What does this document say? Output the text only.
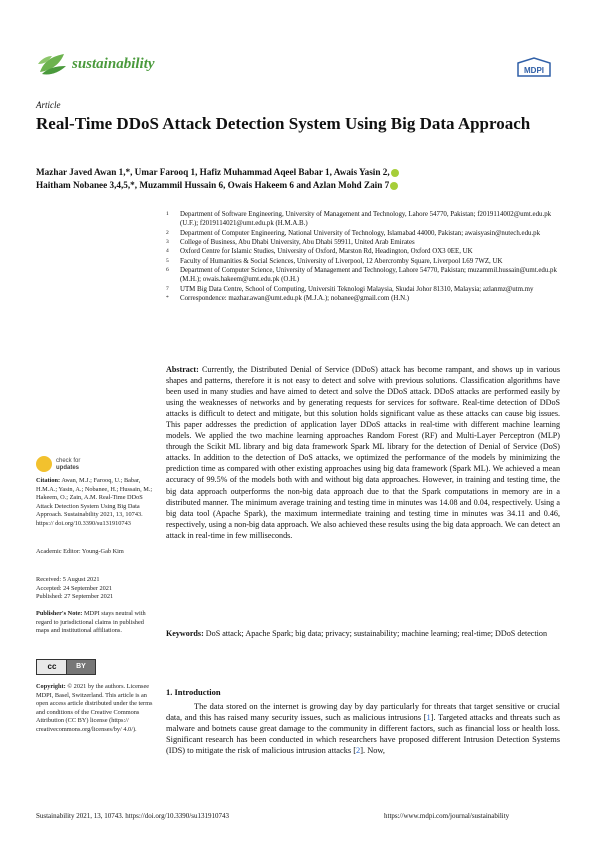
sustainability	MDPI
Article
Real-Time DDoS Attack Detection System Using Big Data Approach
Mazhar Javed Awan 1,*, Umar Farooq 1, Hafiz Muhammad Aqeel Babar 1, Awais Yasin 2,
Haitham Nobanee 3,4,5,*, Muzammil Hussain 6, Owais Hakeem 6 and Azlan Mohd Zain 7
1 Department of Software Engineering, University of Management and Technology, Lahore 54770, Pakistan; f2019114002@umt.edu.pk (U.F.); f2019114021@umt.edu.pk (H.M.A.B.)
2 Department of Computer Engineering, National University of Technology, Islamabad 44000, Pakistan; awaisyasin@nutech.edu.pk
3 College of Business, Abu Dhabi University, Abu Dhabi 59911, United Arab Emirates
4 Oxford Centre for Islamic Studies, University of Oxford, Marston Rd, Headington, Oxford OX3 0EE, UK
5 Faculty of Humanities & Social Sciences, University of Liverpool, 12 Abercromby Square, Liverpool L69 7WZ, UK
6 Department of Computer Science, University of Management and Technology, Lahore 54770, Pakistan; muzammil.hussain@umt.edu.pk (M.H.); owais.hakeem@umt.edu.pk (O.H.)
7 UTM Big Data Centre, School of Computing, Universiti Teknologi Malaysia, Skudai Johor 81310, Malaysia; azlanmz@utm.my
* Correspondence: mazhar.awan@umt.edu.pk (M.J.A.); nobanee@gmail.com (H.N.)
Abstract: Currently, the Distributed Denial of Service (DDoS) attack has become rampant, and shows up in various shapes and patterns, therefore it is not easy to detect and solve with previous solutions. Classification algorithms have been used in many studies and have aimed to detect and solve the DDoS attack. DDoS attacks are performed easily by using the weaknesses of networks and by generating requests for services for software. Real-time detection of DDoS attacks is difficult to detect and mitigate, but this solution holds significant value as these attacks can cause big issues. This paper addresses the prediction of application layer DDoS attacks in real-time with different machine learning models. We applied the two machine learning approaches Random Forest (RF) and Multi-Layer Perceptron (MLP) through the Scikit ML library and big data framework Spark ML library for the detection of Denial of Service (DoS) attacks. In addition to the detection of DoS attacks, we optimized the performance of the models by minimizing the prediction time as compared with other existing approaches using big data framework (Spark ML). We achieved a mean accuracy of 99.5% of the models both with and without big data approaches. However, in training and testing time, the big data approach outperforms the non-big data approach due to that the Spark computations in memory are in a distributed manner. The minimum average training and testing time in minutes was 14.08 and 0.04, respectively. Using a big data tool (Apache Spark), the maximum intermediate training and testing time in minutes was 34.11 and 0.46, respectively, using a non-big data approach. We also achieved these results using the big data approach. We can detect an attack in real-time in few milliseconds.
Keywords: DoS attack; Apache Spark; big data; privacy; sustainability; machine learning; real-time; DDoS detection
check for
updates
Citation: Awan, M.J.; Farooq, U.; Babar, H.M.A.; Yasin, A.; Nobanee, H.; Hussain, M.; Hakeem, O.; Zain, A.M. Real-Time DDoS Attack Detection System Using Big Data Approach. Sustainability 2021, 13, 10743. https:// doi.org/10.3390/su131910743
Academic Editor: Young-Gab Kim
Received: 5 August 2021
Accepted: 24 September 2021
Published: 27 September 2021
Publisher's Note: MDPI stays neutral with regard to jurisdictional claims in published maps and institutional affiliations.
cc	BY
Copyright: © 2021 by the authors. Licensee MDPI, Basel, Switzerland. This article is an open access article distributed under the terms and conditions of the Creative Commons Attribution (CC BY) license (https:// creativecommons.org/licenses/by/ 4.0/).
1. Introduction
The data stored on the internet is growing day by day particularly for threats that target sensitive or crucial data, and this has raised many security issues, such as malicious intrusions [1]. Targeted attacks and threats such as malware and botnets cause great damage to the community in different factors, such as financial loss or health loss. Significant research has been conducted in which researchers have proposed different Intrusion Detection Systems (IDS) to mitigate the risk of malicious intrusion attacks [2]. Now,
Sustainability 2021, 13, 10743. https://doi.org/10.3390/su131910743	https://www.mdpi.com/journal/sustainability
